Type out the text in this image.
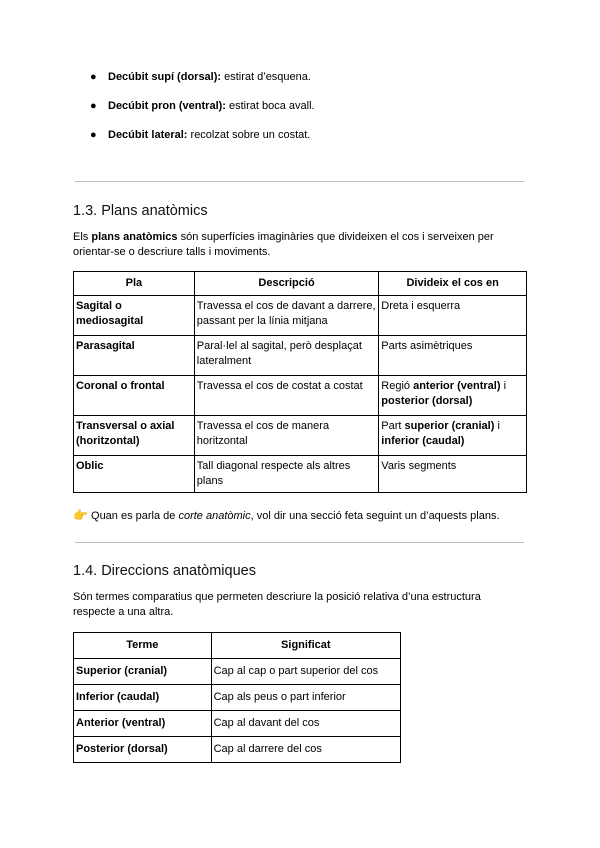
● Decúbit supí (dorsal): estirat d’esquena.
● Decúbit pron (ventral): estirat boca avall.
● Decúbit lateral: recolzat sobre un costat.
1.3. Plans anatòmics

Els plans anatòmics són superfícies imaginàries que divideixen el cos i serveixen per orientar-se o descriure talls i moviments.

Pla	Descripció	Divideix el cos en
Sagital o mediosagital	Travessa el cos de davant a darrere, passant per la línia mitjana	Dreta i esquerra
Parasagital	Paral·lel al sagital, però desplaçat lateralment	Parts asimètriques
Coronal o frontal	Travessa el cos de costat a costat	Regió anterior (ventral) i posterior (dorsal)
Transversal o axial (horitzontal)	Travessa el cos de manera horitzontal	Part superior (cranial) i inferior (caudal)
Oblic	Tall diagonal respecte als altres plans	Varis segments
👉 Quan es parla de corte anatòmic, vol dir una secció feta seguint un d’aquests plans.
1.4. Direccions anatòmiques

Són termes comparatius que permeten descriure la posició relativa d’una estructura respecte a una altra.

Terme	Significat
Superior (cranial)	Cap al cap o part superior del cos
Inferior (caudal)	Cap als peus o part inferior
Anterior (ventral)	Cap al davant del cos
Posterior (dorsal)	Cap al darrere del cos
